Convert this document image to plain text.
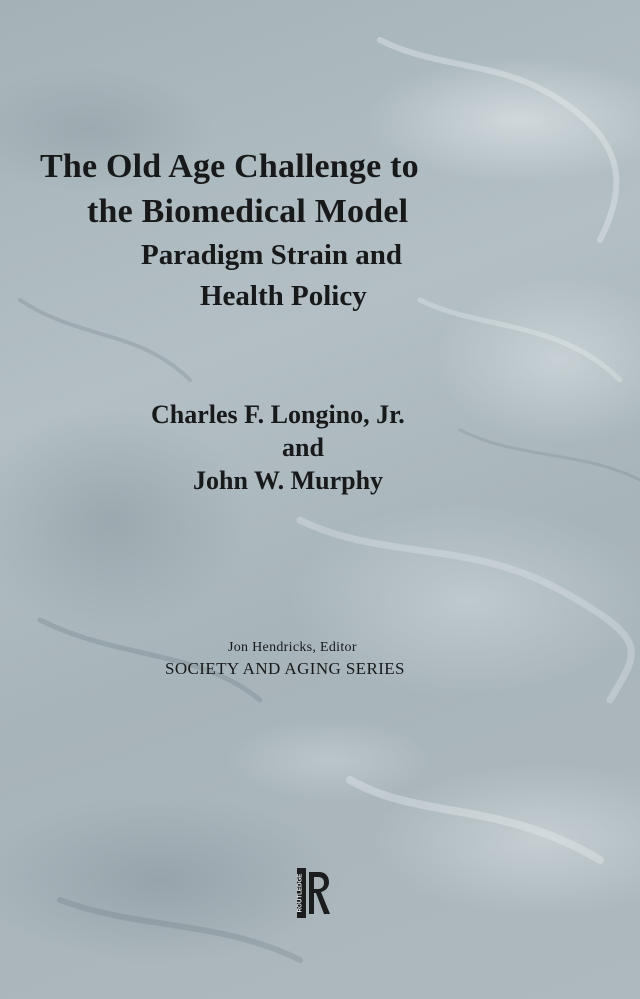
The Old Age Challenge to

the Biomedical Model

Paradigm Strain and

Health Policy

Charles F. Longino, Jr.

and

John W. Murphy

Jon Hendricks, Editor

SOCIETY AND AGING SERIES

ROUTLEDGE
